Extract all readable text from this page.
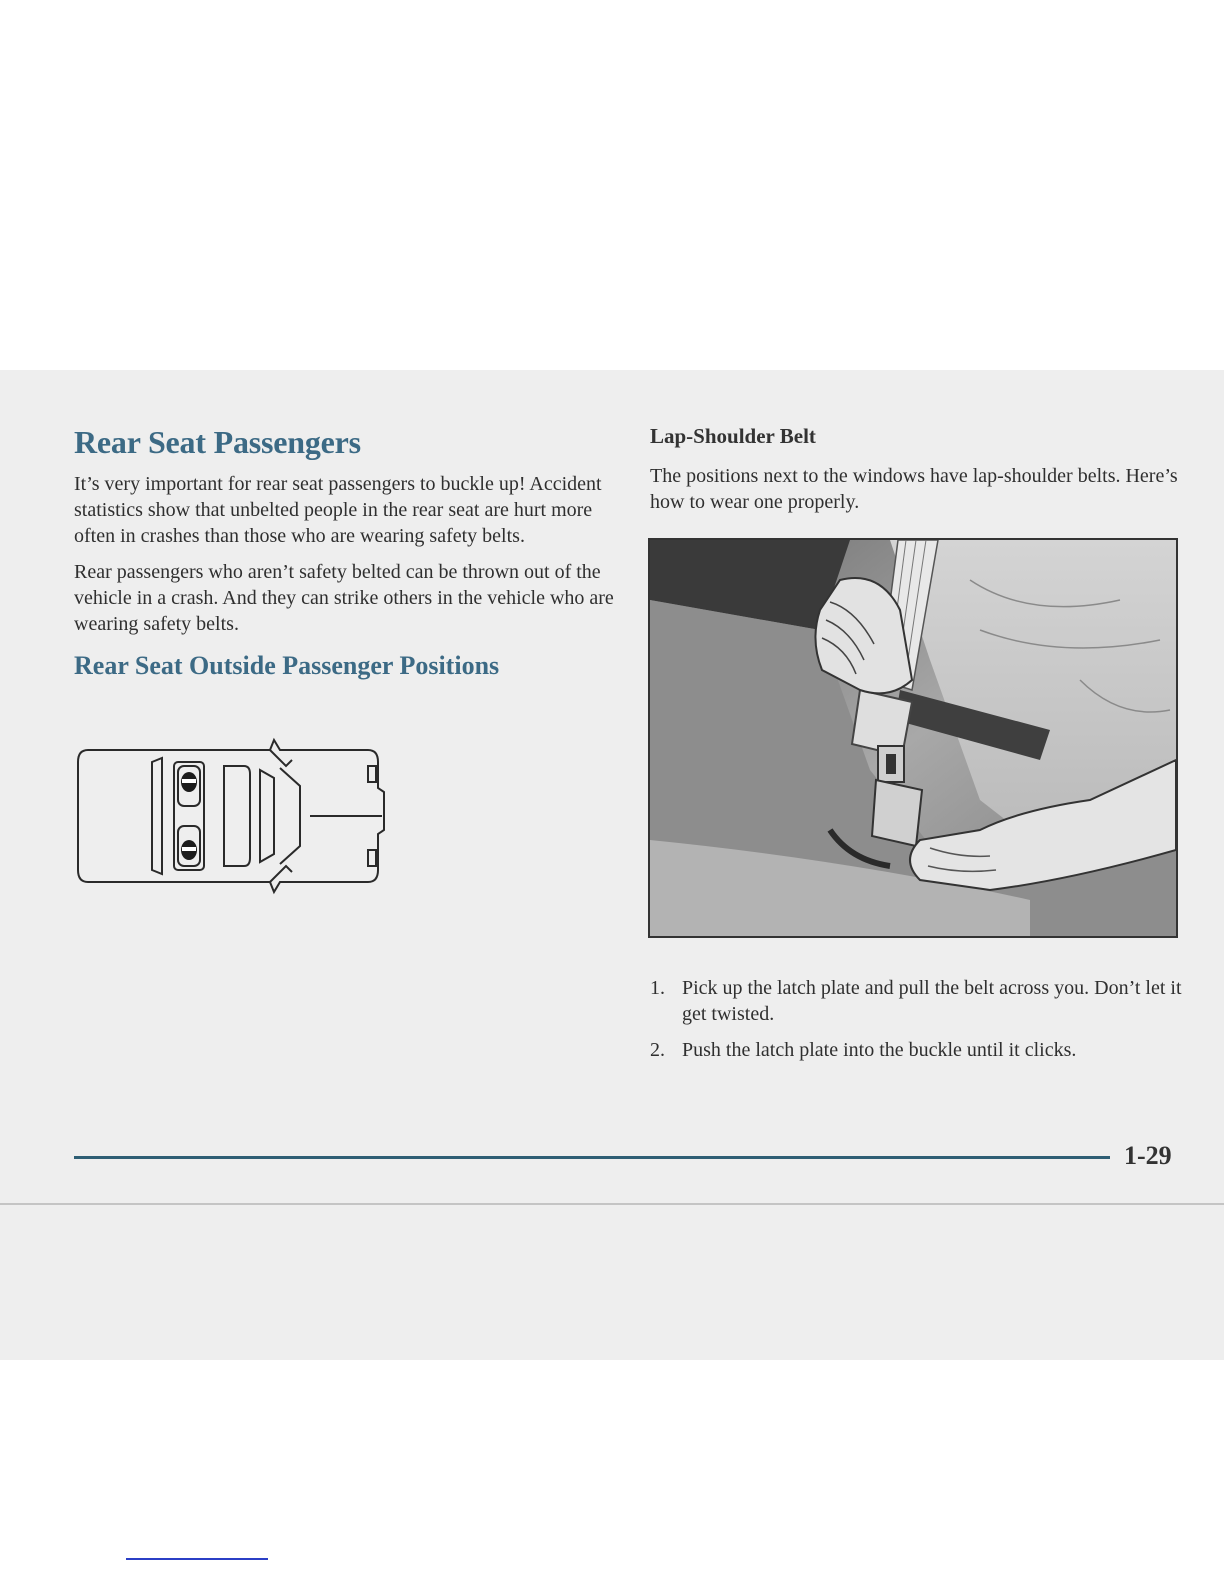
Rear Seat Passengers

It’s very important for rear seat passengers to buckle up! Accident statistics show that unbelted people in the rear seat are hurt more often in crashes than those who are wearing safety belts.

Rear passengers who aren’t safety belted can be thrown out of the vehicle in a crash. And they can strike others in the vehicle who are wearing safety belts.

Rear Seat Outside Passenger Positions
Lap-Shoulder Belt

The positions next to the windows have lap-shoulder belts. Here’s how to wear one properly.

1. Pick up the latch plate and pull the belt across you. Don’t let it get twisted.
2. Push the latch plate into the buckle until it clicks.
1-29
